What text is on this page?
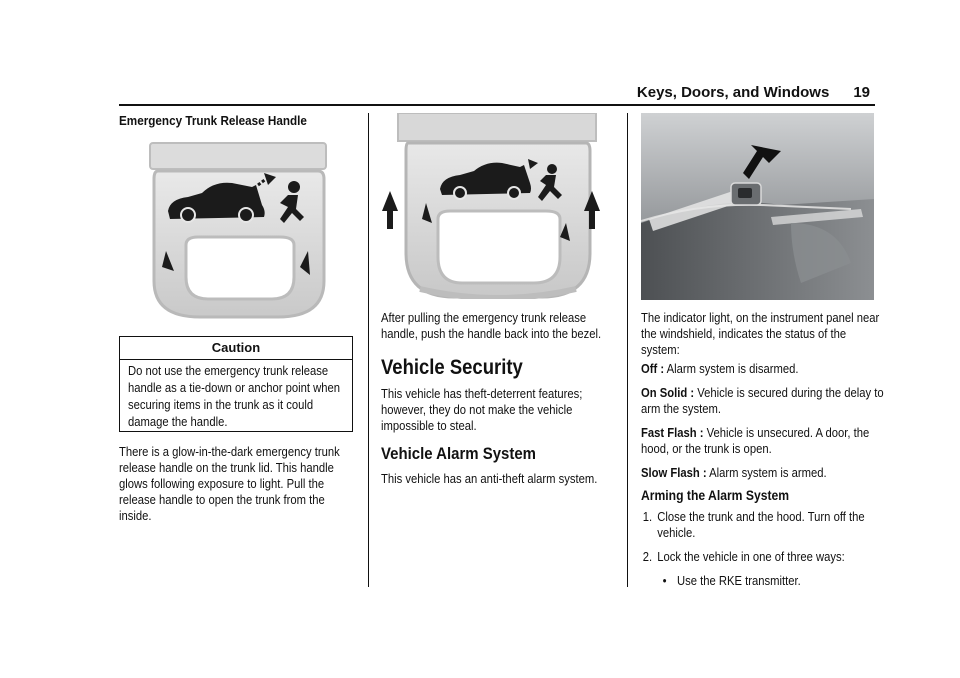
Keys, Doors, and Windows 19
Emergency Trunk Release Handle
Caution
Do not use the emergency trunk release handle as a tie-down or anchor point when securing items in the trunk as it could damage the handle.

There is a glow-in-the-dark emergency trunk release handle on the trunk lid. This handle glows following exposure to light. Pull the release handle to open the trunk from the inside.

After pulling the emergency trunk release handle, push the handle back into the bezel.

Vehicle Security

This vehicle has theft-deterrent features; however, they do not make the vehicle impossible to steal.

Vehicle Alarm System

This vehicle has an anti-theft alarm system.

The indicator light, on the instrument panel near the windshield, indicates the status of the system:

Off : Alarm system is disarmed.

On Solid : Vehicle is secured during the delay to arm the system.

Fast Flash : Vehicle is unsecured. A door, the hood, or the trunk is open.

Slow Flash : Alarm system is armed.

Arming the Alarm System
1. Close the trunk and the hood. Turn off the vehicle.
2. Lock the vehicle in one of three ways:
• Use the RKE transmitter.
